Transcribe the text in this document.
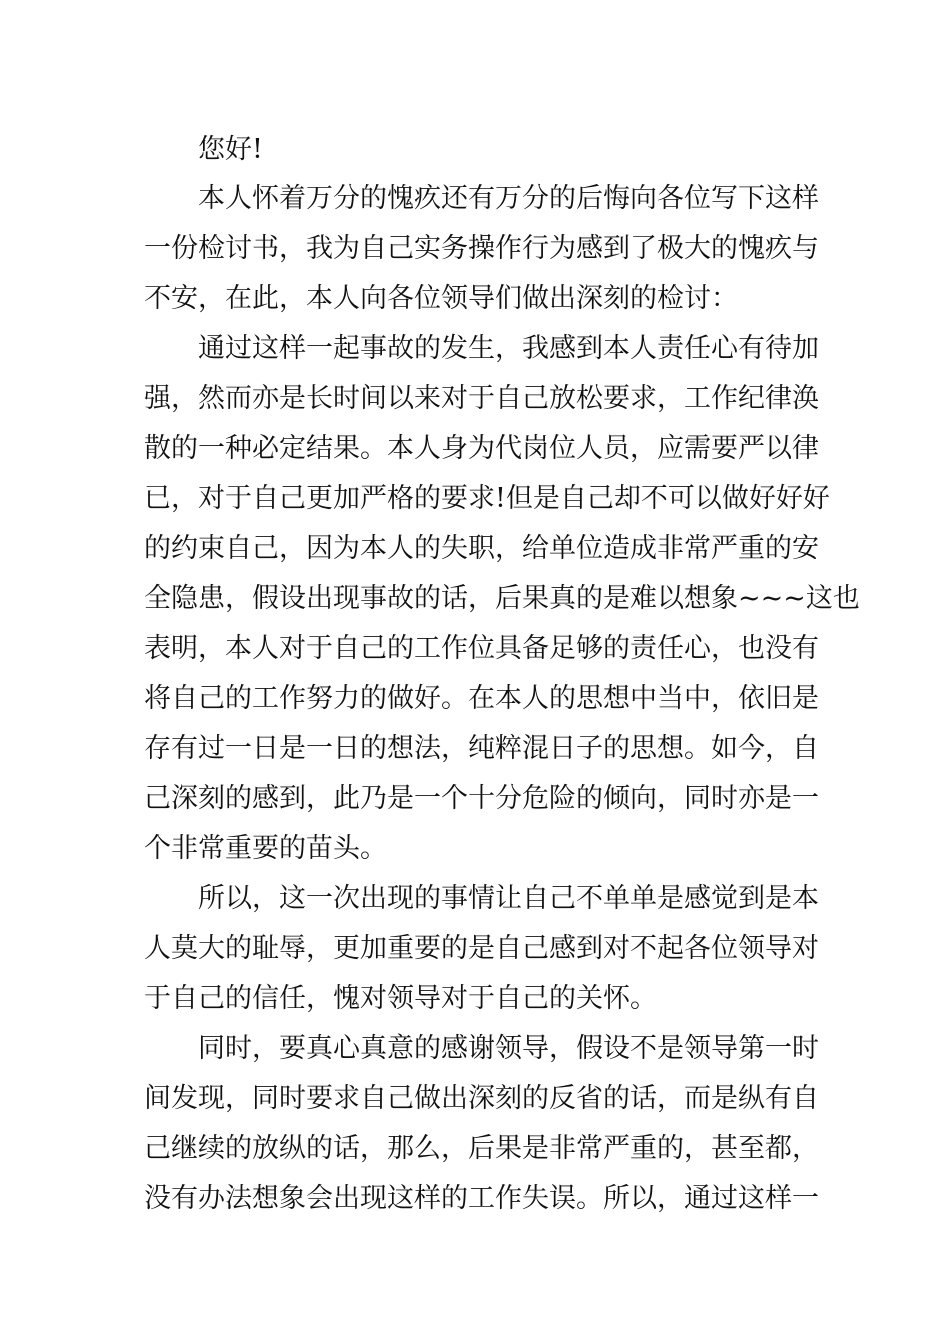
您好!
本人怀着万分的愧疚还有万分的后悔向各位写下这样
一份检讨书，我为自己实务操作行为感到了极大的愧疚与
不安，在此，本人向各位领导们做出深刻的检讨：
通过这样一起事故的发生，我感到本人责任心有待加
强，然而亦是长时间以来对于自己放松要求，工作纪律涣
散的一种必定结果。本人身为代岗位人员，应需要严以律
已，对于自己更加严格的要求!但是自己却不可以做好好好
的约束自己，因为本人的失职，给单位造成非常严重的安
全隐患，假设出现事故的话，后果真的是难以想象~~~这也
表明，本人对于自己的工作位具备足够的责任心，也没有
将自己的工作努力的做好。在本人的思想中当中，依旧是
存有过一日是一日的想法，纯粹混日子的思想。如今，自
己深刻的感到，此乃是一个十分危险的倾向，同时亦是一
个非常重要的苗头。
所以，这一次出现的事情让自己不单单是感觉到是本
人莫大的耻辱，更加重要的是自己感到对不起各位领导对
于自己的信任，愧对领导对于自己的关怀。
同时，要真心真意的感谢领导，假设不是领导第一时
间发现，同时要求自己做出深刻的反省的话，而是纵有自
己继续的放纵的话，那么，后果是非常严重的，甚至都，
没有办法想象会出现这样的工作失误。所以，通过这样一
